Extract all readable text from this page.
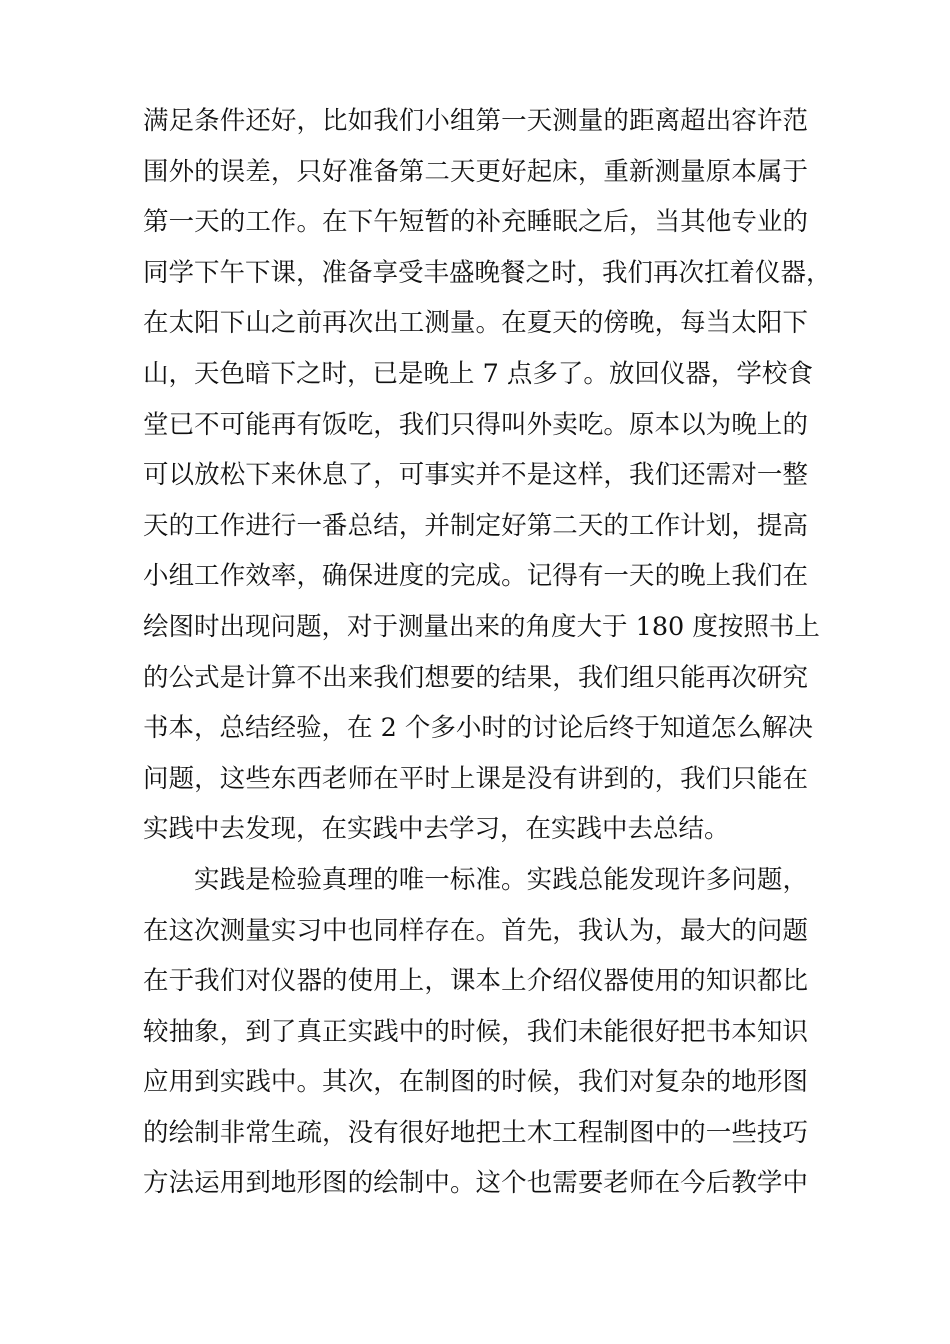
满足条件还好，比如我们小组第一天测量的距离超出容许范
围外的误差，只好准备第二天更好起床，重新测量原本属于
第一天的工作。在下午短暂的补充睡眠之后，当其他专业的
同学下午下课，准备享受丰盛晚餐之时，我们再次扛着仪器，
在太阳下山之前再次出工测量。在夏天的傍晚，每当太阳下
山，天色暗下之时，已是晚上 7 点多了。放回仪器，学校食
堂已不可能再有饭吃，我们只得叫外卖吃。原本以为晚上的
可以放松下来休息了，可事实并不是这样，我们还需对一整
天的工作进行一番总结，并制定好第二天的工作计划，提高
小组工作效率，确保进度的完成。记得有一天的晚上我们在
绘图时出现问题，对于测量出来的角度大于 180 度按照书上
的公式是计算不出来我们想要的结果，我们组只能再次研究
书本，总结经验，在 2 个多小时的讨论后终于知道怎么解决
问题，这些东西老师在平时上课是没有讲到的，我们只能在
实践中去发现，在实践中去学习，在实践中去总结。
实践是检验真理的唯一标准。实践总能发现许多问题，
在这次测量实习中也同样存在。首先，我认为，最大的问题
在于我们对仪器的使用上，课本上介绍仪器使用的知识都比
较抽象，到了真正实践中的时候，我们未能很好把书本知识
应用到实践中。其次，在制图的时候，我们对复杂的地形图
的绘制非常生疏，没有很好地把土木工程制图中的一些技巧
方法运用到地形图的绘制中。这个也需要老师在今后教学中
